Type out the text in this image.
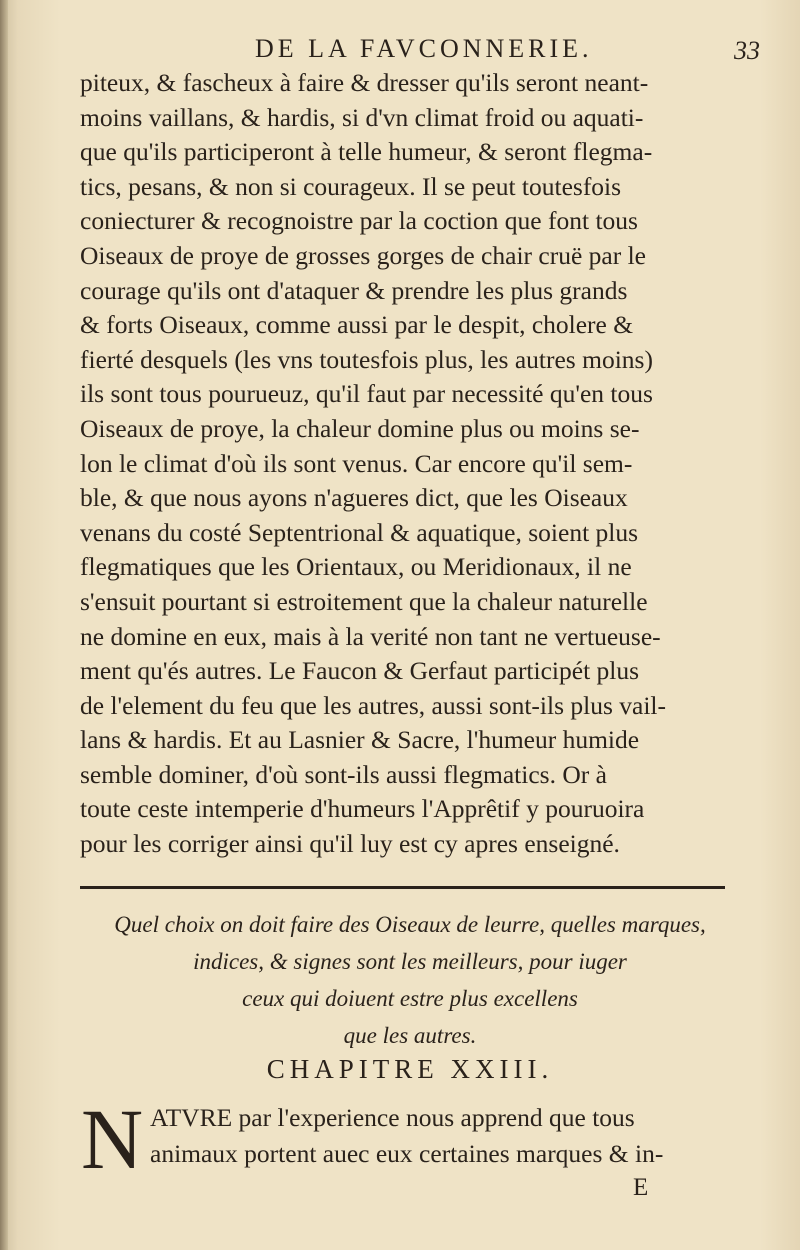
DE LA FAVCONNERIE.	33
piteux, & fascheux à faire & dresser qu'ils seront neant-
moins vaillans, & hardis, si d'vn climat froid ou aquati-
que qu'ils participeront à telle humeur, & seront flegma-
tics, pesans, & non si courageux. Il se peut toutesfois
coniecturer & recognoistre par la coction que font tous
Oiseaux de proye de grosses gorges de chair cruë par le
courage qu'ils ont d'ataquer & prendre les plus grands
& forts Oiseaux, comme aussi par le despit, cholere &
fierté desquels (les vns toutesfois plus, les autres moins)
ils sont tous pourueuz, qu'il faut par necessité qu'en tous
Oiseaux de proye, la chaleur domine plus ou moins se-
lon le climat d'où ils sont venus. Car encore qu'il sem-
ble, & que nous ayons n'agueres dict, que les Oiseaux
venans du costé Septentrional & aquatique, soient plus
flegmatiques que les Orientaux, ou Meridionaux, il ne
s'ensuit pourtant si estroitement que la chaleur naturelle
ne domine en eux, mais à la verité non tant ne vertueuse-
ment qu'és autres. Le Faucon & Gerfaut participét plus
de l'element du feu que les autres, aussi sont-ils plus vail-
lans & hardis. Et au Lasnier & Sacre, l'humeur humide
semble dominer, d'où sont-ils aussi flegmatics. Or à
toute ceste intemperie d'humeurs l'Apprêtif y pouruoira
pour les corriger ainsi qu'il luy est cy apres enseigné.
Quel choix on doit faire des Oiseaux de leurre, quelles marques,
indices, & signes sont les meilleurs, pour iuger
ceux qui doiuent estre plus excellens
que les autres.
CHAPITRE XXIII.
N ATVRE par l'experience nous apprend que tous
animaux portent auec eux certaines marques & in-
E
